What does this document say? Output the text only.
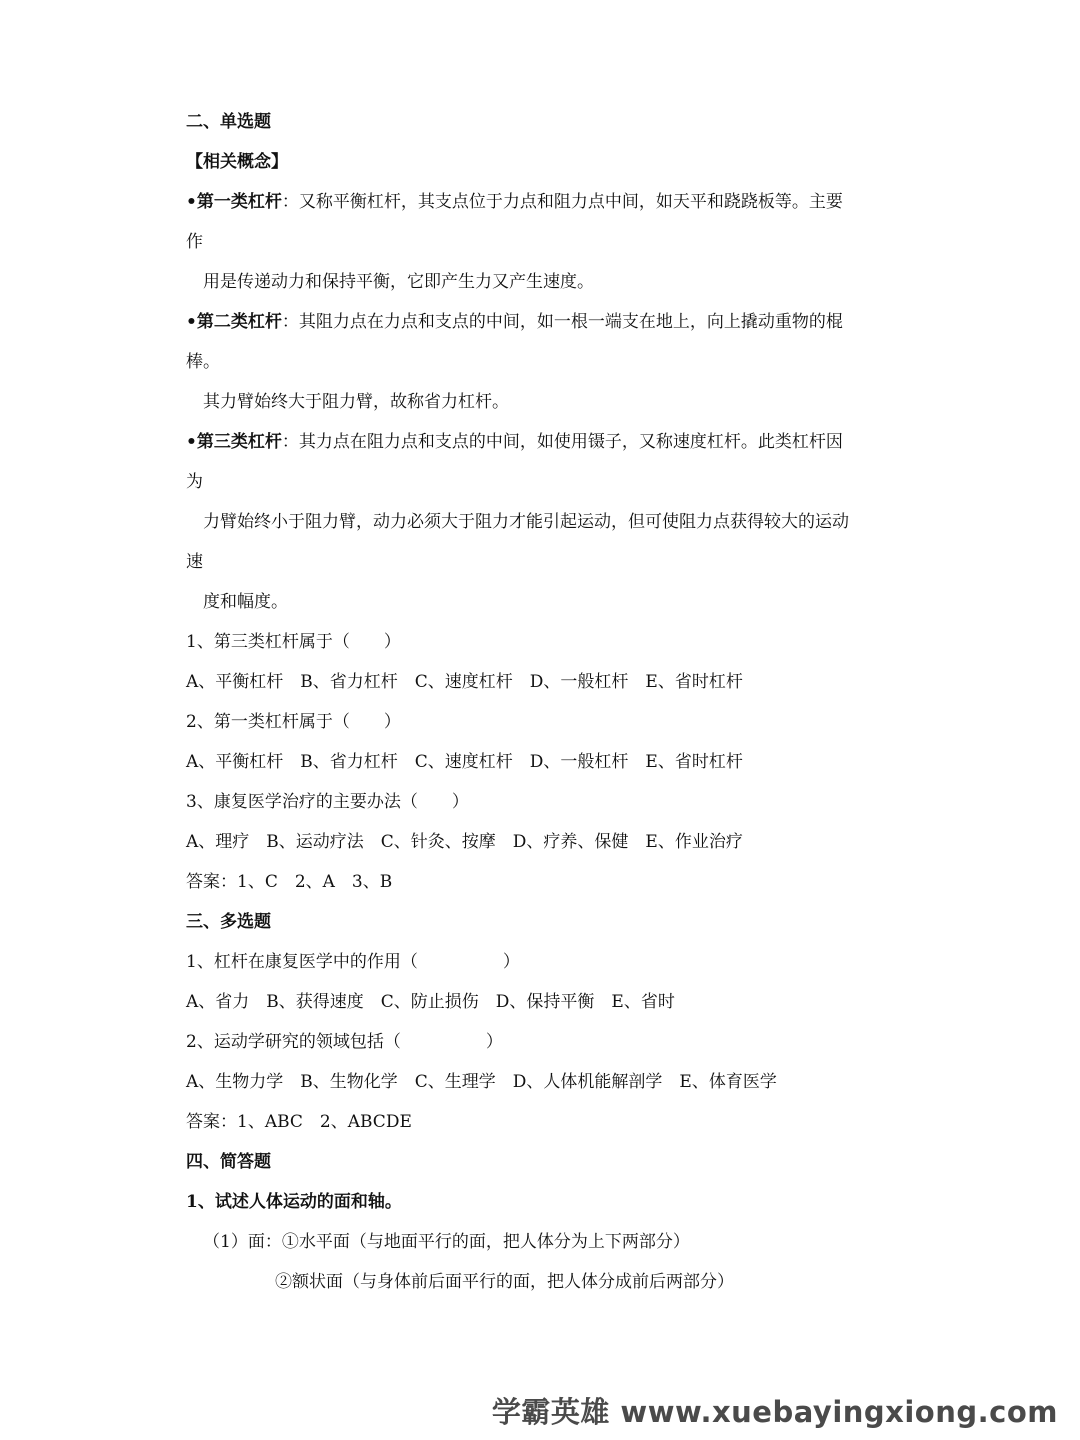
二、单选题
【相关概念】
•第一类杠杆：又称平衡杠杆，其支点位于力点和阻力点中间，如天平和跷跷板等。主要
作
用是传递动力和保持平衡，它即产生力又产生速度。
•第二类杠杆：其阻力点在力点和支点的中间，如一根一端支在地上，向上撬动重物的棍
棒。
其力臂始终大于阻力臂，故称省力杠杆。
•第三类杠杆：其力点在阻力点和支点的中间，如使用镊子，又称速度杠杆。此类杠杆因
为
力臂始终小于阻力臂，动力必须大于阻力才能引起运动，但可使阻力点获得较大的运动
速
度和幅度。
1、第三类杠杆属于（　　）
A、平衡杠杆　B、省力杠杆　C、速度杠杆　D、一般杠杆　E、省时杠杆
2、第一类杠杆属于（　　）
A、平衡杠杆　B、省力杠杆　C、速度杠杆　D、一般杠杆　E、省时杠杆
3、康复医学治疗的主要办法（　　）
A、理疗　B、运动疗法　C、针灸、按摩　D、疗养、保健　E、作业治疗
答案：1、C　2、A　3、B
三、多选题
1、杠杆在康复医学中的作用（　　　　　）
A、省力　B、获得速度　C、防止损伤　D、保持平衡　E、省时
2、运动学研究的领域包括（　　　　　）
A、生物力学　B、生物化学　C、生理学　D、人体机能解剖学　E、体育医学
答案：1、ABC　2、ABCDE
四、简答题
1、试述人体运动的面和轴。
（1）面：①水平面（与地面平行的面，把人体分为上下两部分）
②额状面（与身体前后面平行的面，把人体分成前后两部分）
学霸英雄 www.xuebayingxiong.com
